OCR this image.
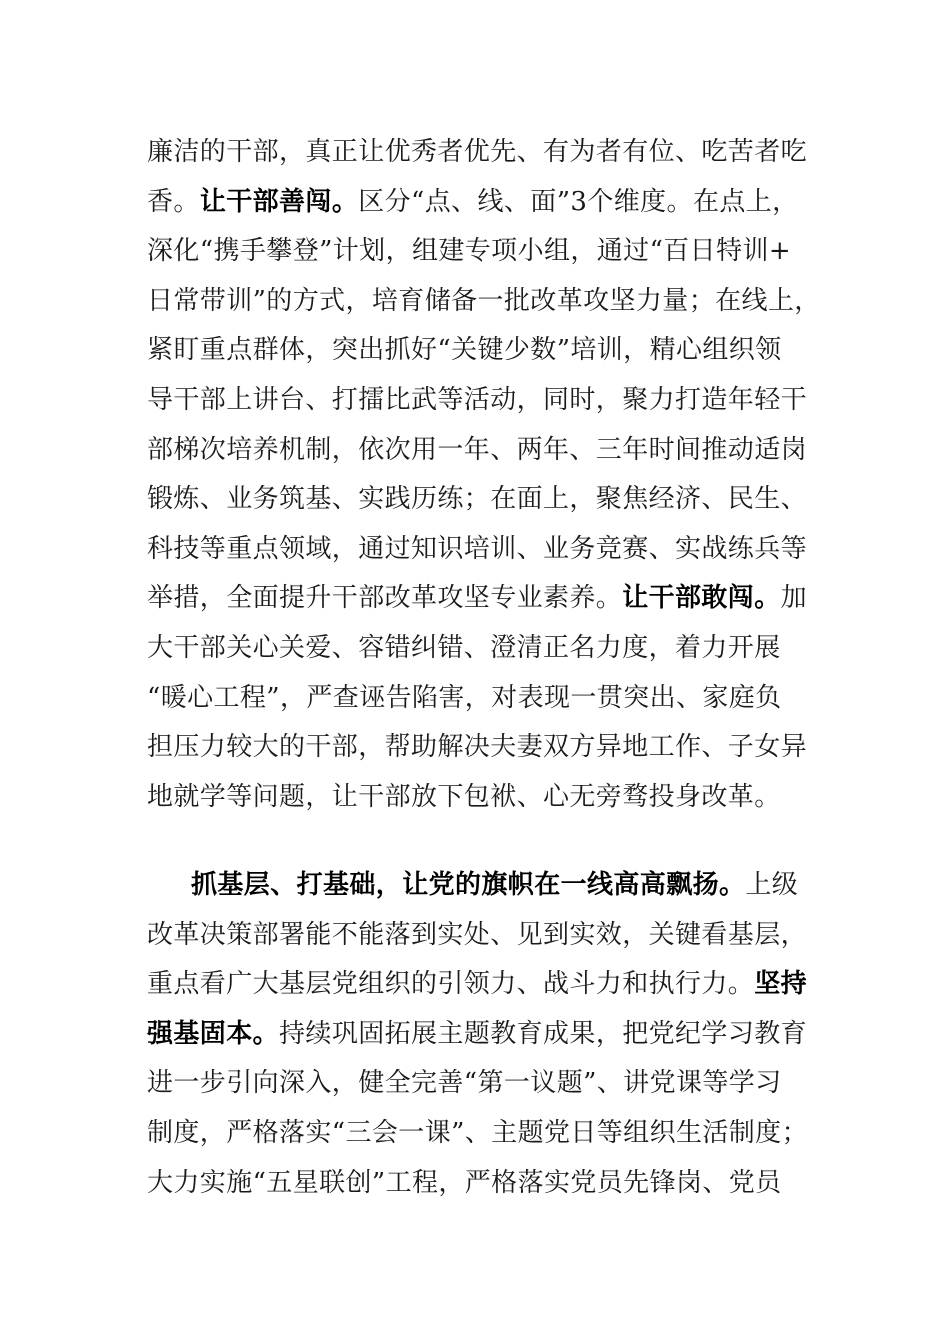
廉洁的干部，真正让优秀者优先、有为者有位、吃苦者吃
香。让干部善闯。区分“点、线、面”3个维度。在点上，
深化“携手攀登”计划，组建专项小组，通过“百日特训+
日常带训”的方式，培育储备一批改革攻坚力量；在线上，
紧盯重点群体，突出抓好“关键少数”培训，精心组织领
导干部上讲台、打擂比武等活动，同时，聚力打造年轻干
部梯次培养机制，依次用一年、两年、三年时间推动适岗
锻炼、业务筑基、实践历练；在面上，聚焦经济、民生、
科技等重点领域，通过知识培训、业务竞赛、实战练兵等
举措，全面提升干部改革攻坚专业素养。让干部敢闯。加
大干部关心关爱、容错纠错、澄清正名力度，着力开展
“暖心工程”，严查诬告陷害，对表现一贯突出、家庭负
担压力较大的干部，帮助解决夫妻双方异地工作、子女异
地就学等问题，让干部放下包袱、心无旁骛投身改革。
抓基层、打基础，让党的旗帜在一线高高飘扬。上级
改革决策部署能不能落到实处、见到实效，关键看基层，
重点看广大基层党组织的引领力、战斗力和执行力。坚持
强基固本。持续巩固拓展主题教育成果，把党纪学习教育
进一步引向深入，健全完善“第一议题”、讲党课等学习
制度，严格落实“三会一课”、主题党日等组织生活制度；
大力实施“五星联创”工程，严格落实党员先锋岗、党员
